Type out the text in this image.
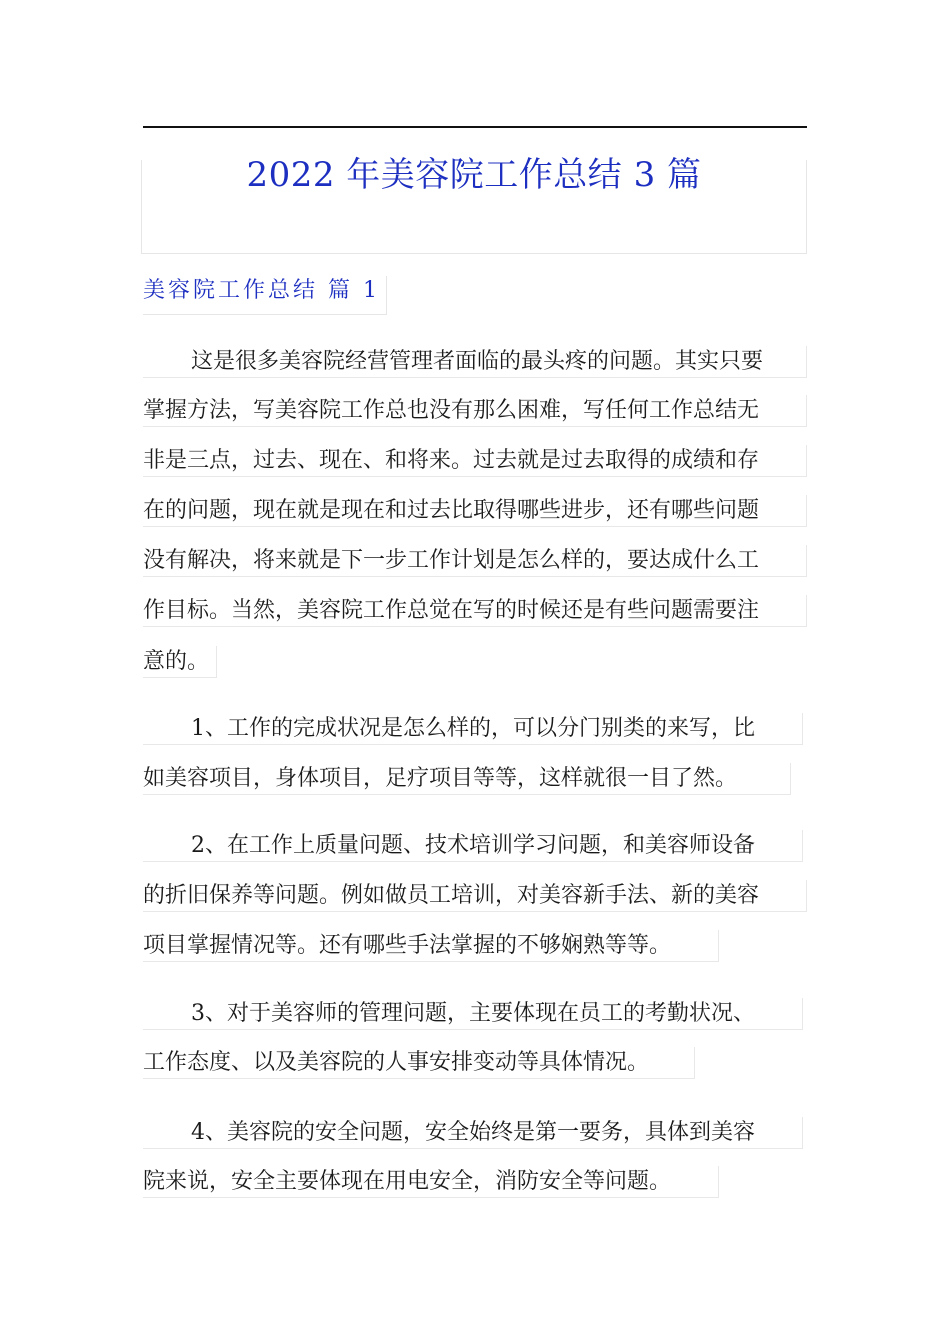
2022 年美容院工作总结 3 篇
美容院工作总结 篇 1
这是很多美容院经营管理者面临的最头疼的问题。其实只要
掌握方法，写美容院工作总也没有那么困难，写任何工作总结无
非是三点，过去、现在、和将来。过去就是过去取得的成绩和存
在的问题，现在就是现在和过去比取得哪些进步，还有哪些问题
没有解决，将来就是下一步工作计划是怎么样的，要达成什么工
作目标。当然，美容院工作总觉在写的时候还是有些问题需要注
意的。
1、工作的完成状况是怎么样的，可以分门别类的来写，比
如美容项目，身体项目，足疗项目等等，这样就很一目了然。
2、在工作上质量问题、技术培训学习问题，和美容师设备
的折旧保养等问题。例如做员工培训，对美容新手法、新的美容
项目掌握情况等。还有哪些手法掌握的不够娴熟等等。
3、对于美容师的管理问题，主要体现在员工的考勤状况、
工作态度、以及美容院的人事安排变动等具体情况。
4、美容院的安全问题，安全始终是第一要务，具体到美容
院来说，安全主要体现在用电安全，消防安全等问题。
